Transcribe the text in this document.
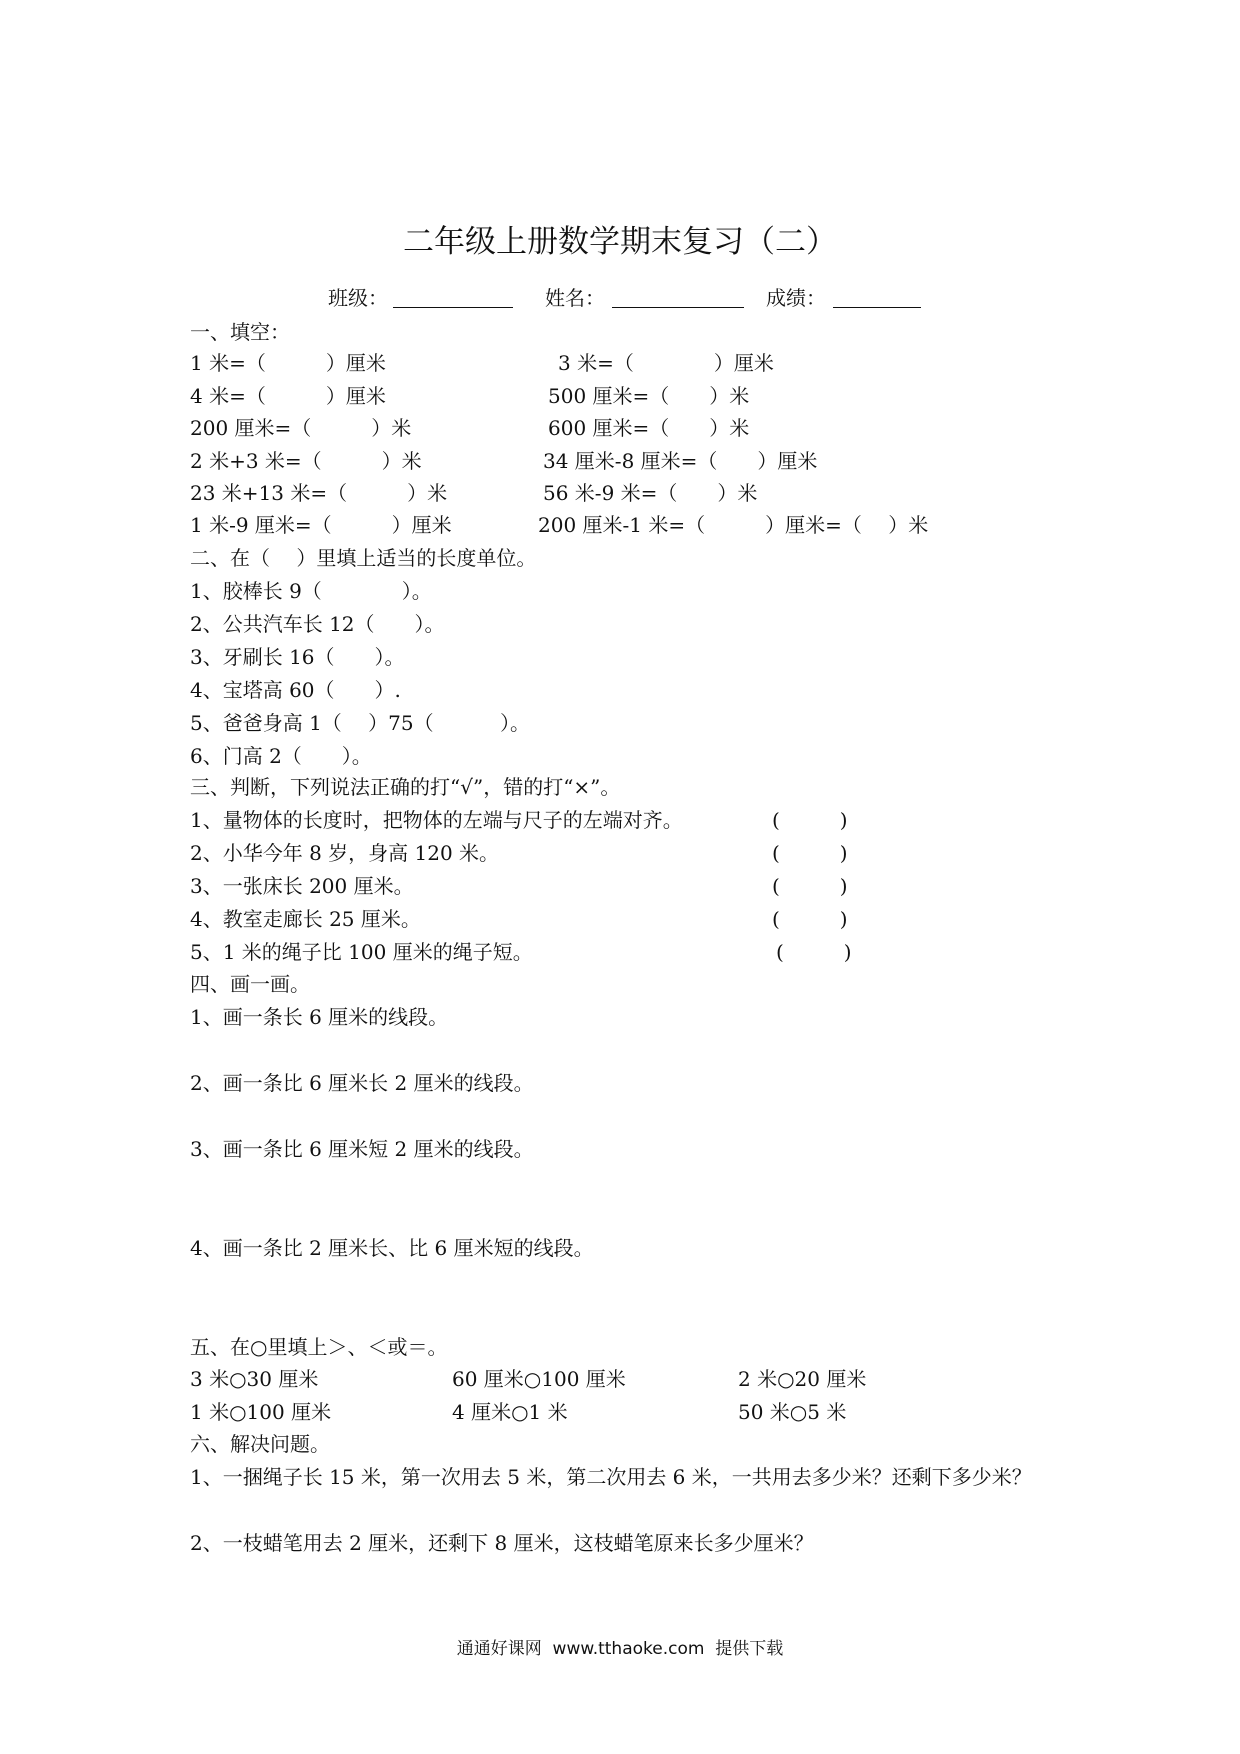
二年级上册数学期末复习（二）
班级：	姓名：	成绩：
一、填空：
1 米=（　　　）厘米	3 米=（　　　　）厘米
4 米=（　　　）厘米	500 厘米=（　　）米
200 厘米=（　　　）米	600 厘米=（　　）米
2 米+3 米=（　　　）米	34 厘米-8 厘米=（　　）厘米
23 米+13 米=（　　　）米	56 米-9 米=（　　）米
1 米-9 厘米=（　　　）厘米	200 厘米-1 米=（　　　）厘米=（　 ）米
二、在（　 ）里填上适当的长度单位。
1、胶棒长 9（　　　　）。
2、公共汽车长 12（　　）。
3、牙刷长 16（　　）。
4、宝塔高 60（　　）.
5、爸爸身高 1（　 ）75（　　　 ）。
6、门高 2（　　）。
三、判断，下列说法正确的打“√”，错的打“×”。
1、量物体的长度时，把物体的左端与尺子的左端对齐。	(　　　)
2、小华今年 8 岁，身高 120 米。	(　　　)
3、一张床长 200 厘米。	(　　　)
4、教室走廊长 25 厘米。	(　　　)
5、1 米的绳子比 100 厘米的绳子短。	(　　　)
四、画一画。
1、画一条长 6 厘米的线段。
2、画一条比 6 厘米长 2 厘米的线段。
3、画一条比 6 厘米短 2 厘米的线段。
4、画一条比 2 厘米长、比 6 厘米短的线段。
五、在○里填上＞、＜或＝。
3 米○30 厘米	60 厘米○100 厘米	2 米○20 厘米
1 米○100 厘米	4 厘米○1 米	50 米○5 米
六、解决问题。
1、一捆绳子长 15 米，第一次用去 5 米，第二次用去 6 米，一共用去多少米？还剩下多少米？
2、一枝蜡笔用去 2 厘米，还剩下 8 厘米，这枝蜡笔原来长多少厘米？
通通好课网  www.tthaoke.com  提供下载
